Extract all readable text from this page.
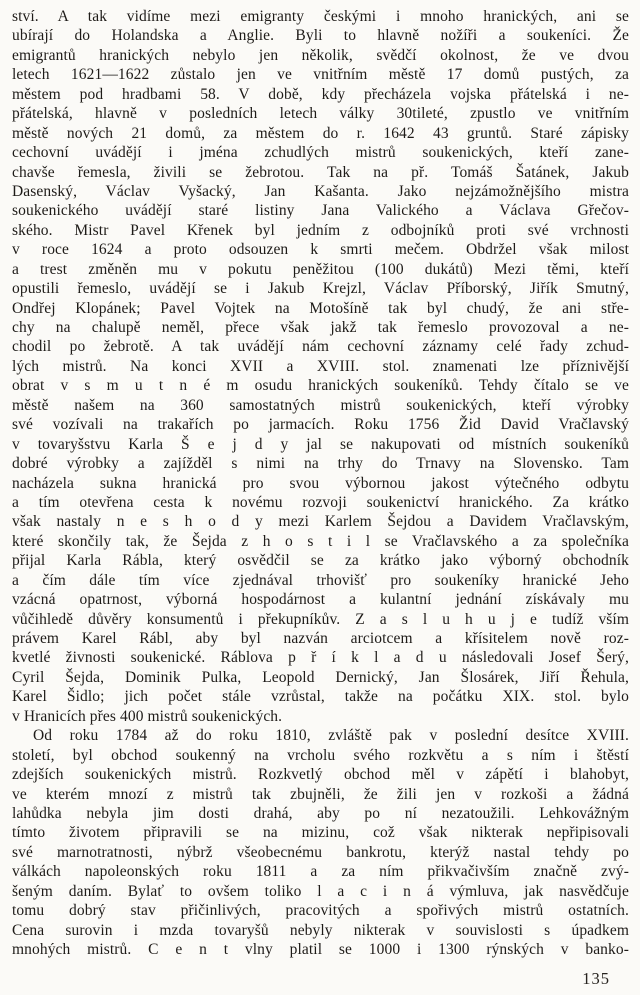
ství. A tak vidíme mezi emigranty českými i mnoho hranických, ani se
ubírají do Holandska a Anglie. Byli to hlavně nožíři a soukeníci. Že
emigrantů hranických nebylo jen několik, svědčí okolnost, že ve dvou
letech 1621—1622 zůstalo jen ve vnitřním městě 17 domů pustých, za
městem pod hradbami 58. V době, kdy přecházela vojska přátelská i ne-
přátelská, hlavně v posledních letech války 30tileté, zpustlo ve vnitřním
městě nových 21 domů, za městem do r. 1642 43 gruntů. Staré zápisky
cechovní uvádějí i jména zchudlých mistrů soukenických, kteří zane-
chavše řemesla, živili se žebrotou. Tak na př. Tomáš Šatánek, Jakub
Dasenský, Václav Vyšacký, Jan Kašanta. Jako nejzámožnějšího mistra
soukenického uvádějí staré listiny Jana Valického a Václava Gřečov-
ského. Mistr Pavel Křenek byl jedním z odbojníků proti své vrchnosti
v roce 1624 a proto odsouzen k smrti mečem. Obdržel však milost
a trest změněn mu v pokutu peněžitou (100 dukátů) Mezi těmi, kteří
opustili řemeslo, uvádějí se i Jakub Krejzl, Václav Příborský, Jiřík Smutný,
Ondřej Klopánek; Pavel Vojtek na Motošíně tak byl chudý, že ani stře-
chy na chalupě neměl, přece však jakž tak řemeslo provozoval a ne-
chodil po žebrotě. A tak uvádějí nám cechovní záznamy celé řady zchud-
lých mistrů. Na konci XVII a XVIII. stol. znamenati lze příznivější
obrat v s m u t n é m osudu hranických soukeníků. Tehdy čítalo se ve
městě našem na 360 samostatných mistrů soukenických, kteří výrobky
své vozívali na trakařích po jarmacích. Roku 1756 Žid David Vračlavský
v tovaryšstvu Karla Š e j d y jal se nakupovati od místních soukeníků
dobré výrobky a zajížděl s nimi na trhy do Trnavy na Slovensko. Tam
nacházela sukna hranická pro svou výbornou jakost výtečného odbytu
a tím otevřena cesta k novému rozvoji soukenictví hranického. Za krátko
však nastaly n e s h o d y mezi Karlem Šejdou a Davidem Vračlavským,
které skončily tak, že Šejda z h o s t i l se Vračlavského a za společníka
přijal Karla Rábla, který osvědčil se za krátko jako výborný obchodník
a čím dále tím více zjednával trhovišť pro soukeníky hranické Jeho
vzácná opatrnost, výborná hospodárnost a kulantní jednání získávaly mu
vůčihledě důvěry konsumentů i překupníkův. Z a s l u h u j e tudíž vším
právem Karel Rábl, aby byl nazván arciotcem a křísitelem nově roz-
kvetlé živnosti soukenické. Ráblova p ř í k l a d u následovali Josef Šerý,
Cyril Šejda, Dominik Pulka, Leopold Dernický, Jan Šlosárek, Jiří Řehula,
Karel Šidlo; jich počet stále vzrůstal, takže na počátku XIX. stol. bylo
v Hranicích přes 400 mistrů soukenických.
Od roku 1784 až do roku 1810, zvláště pak v poslední desítce XVIII.
století, byl obchod soukenný na vrcholu svého rozkvětu a s ním i štěstí
zdejších soukenických mistrů. Rozkvetlý obchod měl v zápětí i blahobyt,
ve kterém mnozí z mistrů tak zbujněli, že žili jen v rozkoši a žádná
lahůdka nebyla jim dosti drahá, aby po ní nezatoužili. Lehkovážným
tímto životem připravili se na mizinu, což však nikterak nepřipisovali
své marnotratnosti, nýbrž všeobecnému bankrotu, kterýž nastal tehdy po
válkách napoleonských roku 1811 a za ním přikvačivším značně zvý-
šeným daním. Bylať to ovšem toliko l a c i n á výmluva, jak nasvědčuje
tomu dobrý stav přičinlivých, pracovitých a spořivých mistrů ostatních.
Cena surovin i mzda tovaryšů nebyly nikterak v souvislosti s úpadkem
mnohých mistrů. C e n t vlny platil se 1000 i 1300 rýnských v banko-
135
